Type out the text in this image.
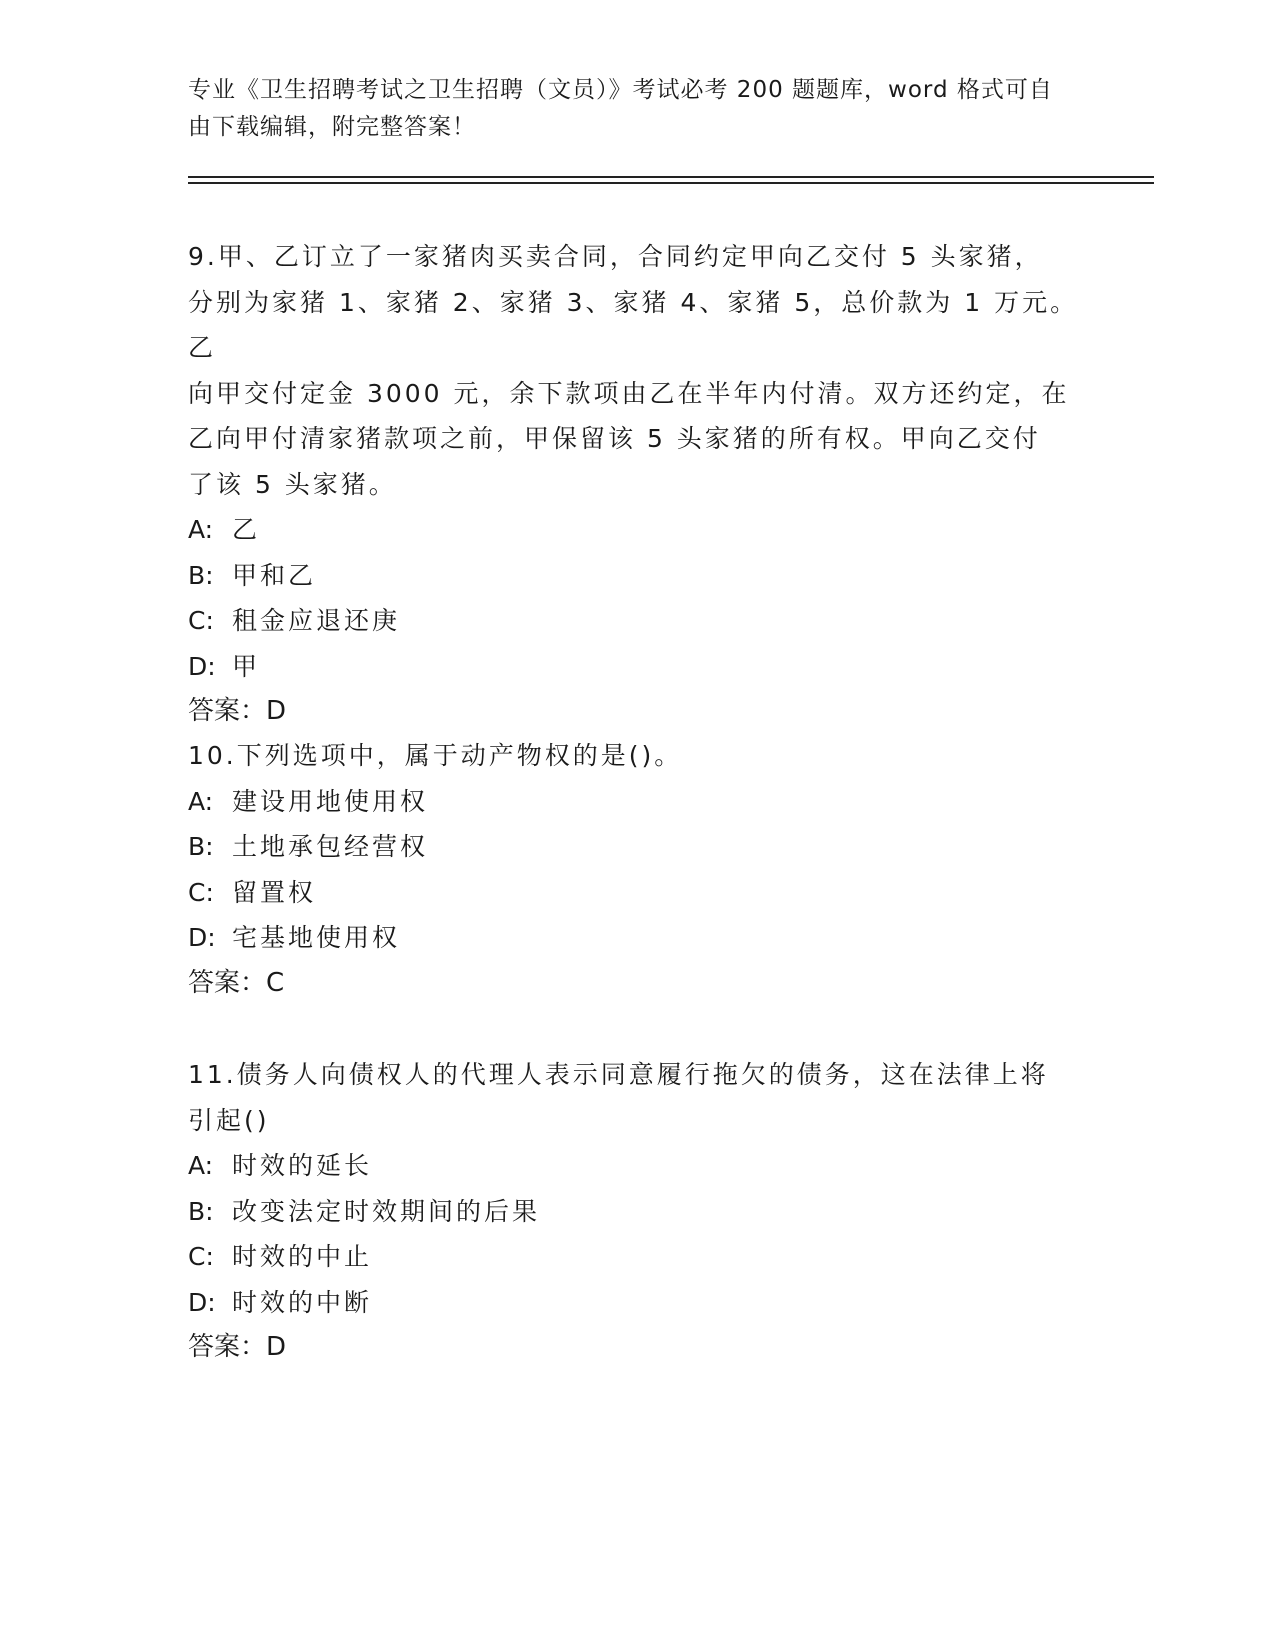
专业《卫生招聘考试之卫生招聘（文员）》考试必考 200 题题库，word 格式可自
由下载编辑，附完整答案！

9.甲、乙订立了一家猪肉买卖合同，合同约定甲向乙交付 5 头家猪，

分别为家猪 1、家猪 2、家猪 3、家猪 4、家猪 5，总价款为 1 万元。乙

向甲交付定金 3000 元，余下款项由乙在半年内付清。双方还约定，在

乙向甲付清家猪款项之前，甲保留该 5 头家猪的所有权。甲向乙交付

了该 5 头家猪。

A: 乙

B: 甲和乙

C: 租金应退还庚

D: 甲

答案：D

10.下列选项中，属于动产物权的是()。

A: 建设用地使用权

B: 土地承包经营权

C: 留置权

D: 宅基地使用权

答案：C

11.债务人向债权人的代理人表示同意履行拖欠的债务，这在法律上将

引起()

A: 时效的延长

B: 改变法定时效期间的后果

C: 时效的中止

D: 时效的中断

答案：D
